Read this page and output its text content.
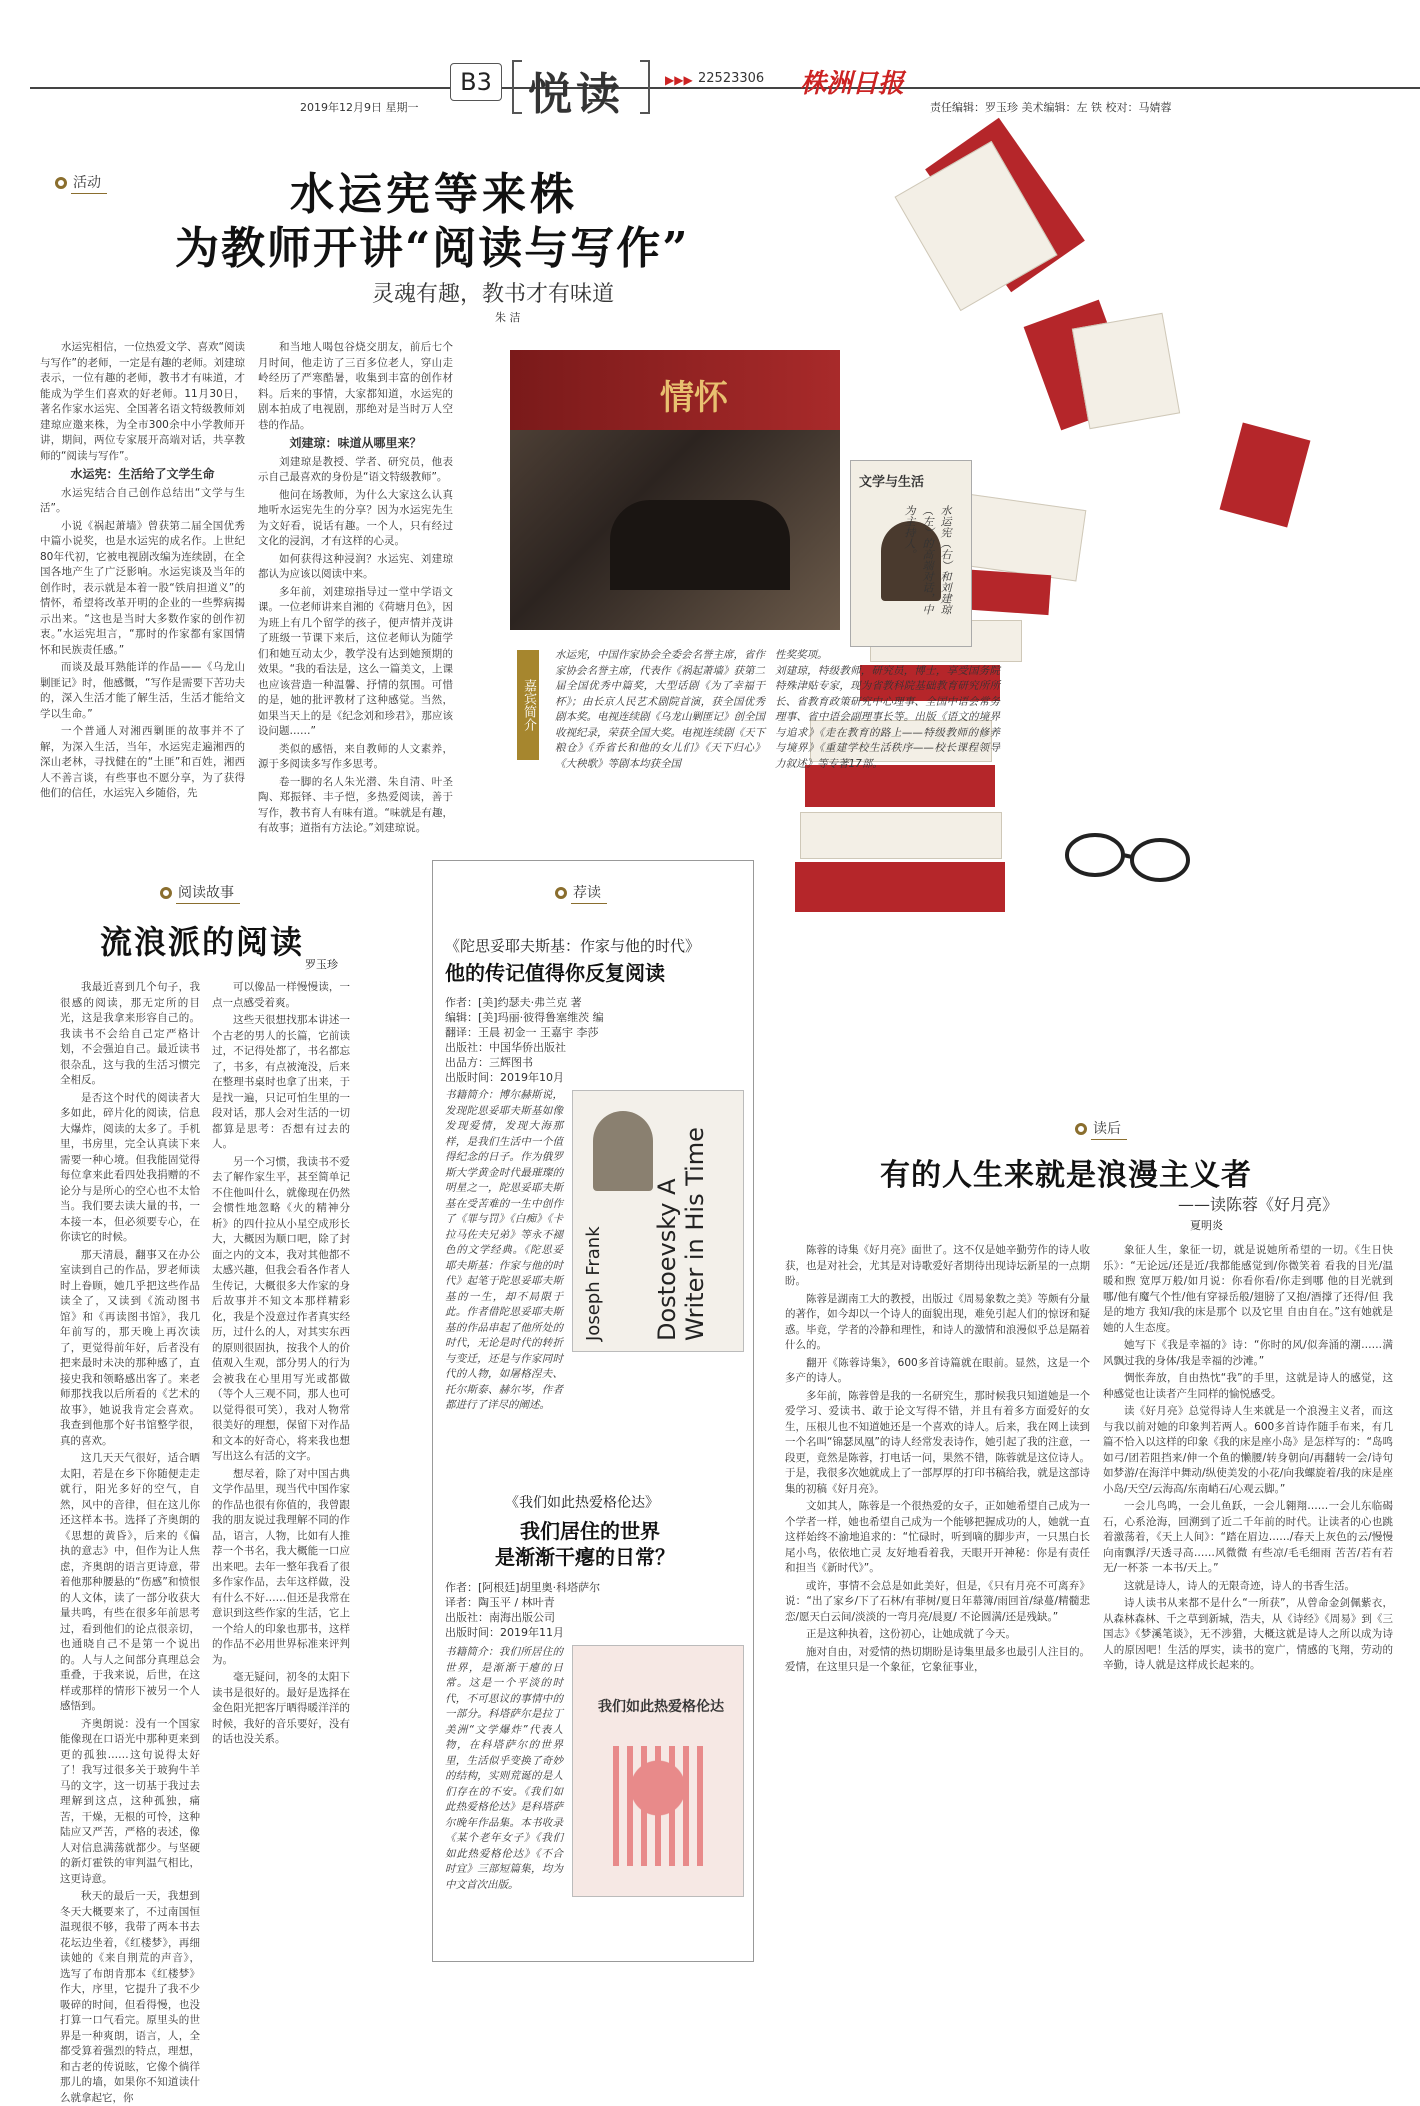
2019年12月9日 星期一
B3 悦读	▶▶▶ 22523306 株洲日报
责任编辑：罗玉珍 美术编辑：左 铁 校对：马婧蓉
活动	水运宪等来株
为教师开讲“阅读与写作”
灵魂有趣，教书才有味道
朱 洁

水运宪相信，一位热爱文学、喜欢“阅读与写作”的老师，一定是有趣的老师。刘建琼表示，一位有趣的老师，教书才有味道，才能成为学生们喜欢的好老师。11月30日，著名作家水运宪、全国著名语文特级教师刘建琼应邀来株，为全市300余中小学教师开讲，期间，两位专家展开高端对话，共享教师的“阅读与写作”。

水运宪：生活给了文学生命

水运宪结合自己创作总结出“文学与生活”。

小说《祸起萧墙》曾获第二届全国优秀中篇小说奖，也是水运宪的成名作。上世纪80年代初，它被电视剧改编为连续剧，在全国各地产生了广泛影响。水运宪谈及当年的创作时，表示就是本着一股“铁肩担道义”的情怀，希望将改革开明的企业的一些弊病揭示出来。“这也是当时大多数作家的创作初衷。”水运宪坦言，“那时的作家都有家国情怀和民族责任感。”

而谈及最耳熟能详的作品——《乌龙山剿匪记》时，他感慨，“写作是需要下苦功夫的，深入生活才能了解生活，生活才能给文学以生命。”

一个普通人对湘西剿匪的故事并不了解，为深入生活，当年，水运宪走遍湘西的深山老林，寻找健在的“土匪”和百姓，湘西人不善言谈，有些事也不愿分享，为了获得他们的信任，水运宪入乡随俗，先

和当地人喝包谷烧交朋友，前后七个月时间，他走访了三百多位老人，穿山走岭经历了严寒酷暑，收集到丰富的创作材料。后来的事情，大家都知道，水运宪的剧本拍成了电视剧，那绝对是当时万人空巷的作品。

刘建琼：味道从哪里来？

刘建琼是教授、学者、研究员，他表示自己最喜欢的身份是“语文特级教师”。

他问在场教师，为什么大家这么认真地听水运宪先生的分享？因为水运宪先生为文好看，说话有趣。一个人，只有经过文化的浸润，才有这样的心灵。

如何获得这种浸润？水运宪、刘建琼都认为应该以阅读中来。

多年前，刘建琼指导过一堂中学语文课。一位老师讲来自湘的《荷塘月色》，因为班上有几个留学的孩子，便声情并茂讲了班级一节课下来后，这位老师认为随学们和她互动太少，教学没有达到她预期的效果。“我的看法是，这么一篇美文，上课也应该营造一种温馨、抒情的氛围。可惜的是，她的批评教材了这种感觉。当然，如果当天上的是《纪念刘和珍君》，那应该设问题……”

类似的感悟，来自教师的人文素养，源于多阅读多写作多思考。

卷一脚的名人朱光潜、朱自清、叶圣陶、郑振铎、丰子恺，多热爱阅读，善于写作，教书育人有味有道。“味就是有趣，有故事；道指有方法论。”刘建琼说。

情怀
文学与生活
水运宪（右）和刘建琼（左）的高端对话，中为主持人。
嘉宾简介
水运宪，中国作家协会全委会名誉主席，省作家协会名誉主席，代表作《祸起萧墙》获第二届全国优秀中篇奖，大型话剧《为了幸福干杯》；由长京人民艺术剧院首演，获全国优秀剧本奖。电视连续剧《乌龙山剿匪记》创全国收视纪录，荣获全国大奖。电视连续剧《天下粮仓》《乔省长和他的女儿们》《天下归心》《大秧歌》等剧本均获全国
性奖奖项。
刘建琼，特级教师，研究员，博士，享受国务院特殊津贴专家，现为省教科院基础教育研究所所长、省教育政策研究中心理事、全国中语会常务理事、省中语会副理事长等。出版《语文的境界与追求》《走在教育的路上——特级教师的修养与境界》《重建学校生活秩序——校长课程领导力叙述》等专著17部。
阅读故事
流浪派的阅读
罗玉珍

我最近喜到几个句子，我很感的阅读，那无定所的目光，这是我拿来形容自己的。我读书不会给自己定严格计划，不会强迫自己。最近读书很杂乱，这与我的生活习惯完全相反。

是否这个时代的阅读者大多如此，碎片化的阅读，信息大爆炸，阅读的太多了。手机里，书房里，完全认真读下来需要一种心境。但我能固觉得每位拿来此看四处我捐赠的不论分与是所心的空心也不太恰当。我们要去读大量的书，一本接一本，但必须要专心，在你读它的时候。

那天清晨，翻事又在办公室读到自己的作品，罗老师读时上眷顾，她几乎把这些作品读全了，又读到《流动图书馆》和《再读图书馆》，我几年前写的，那天晚上再次读了，更觉得前年好，后者没有把来最时未决的那种感了，直接史我和领略感出客了。来老师那找我以后所看的《艺术的故事》，她说我肯定会喜欢。我查到他那个好书馆整学很，真的喜欢。

这几天天气很好，适合晒太阳，若是在乡下你随便走走就行，阳光多好的空气，自然，风中的音律，但在这儿你还这样本书。选择了齐奥朗的《思想的黄昏》，后来的《偏执的意志》中，但作为让人焦虑，齐奥朗的语言更诗意，带着他那种腰悬的“伤感”和愤恨的人文体，读了一部分收获大量共鸣，有些在很多年前思考过，看到他们的论点很亲切，也通晓自己不是第一个说出的。人与人之间部分真理总会重叠，于我来说，后世，在这样或那样的情形下被另一个人感悟到。

齐奥朗说：没有一个国家能像现在口语光中那种更来到更的孤独……这句说得太好了！我写过很多关于玻狗牛羊马的文字，这一切基于我过去理解到这点，这种孤独，痛苦，干燥，无根的可怜，这种陆应又严苦，严格的表述，像人对信息满荡就都少。与坚硬的新灯霍铁的审判温气相比，这更诗意。

秋天的最后一天，我想到冬天大概要来了，不过南国恒温现很不够，我带了两本书去花坛边坐着，《红楼梦》，再细读她的《来自荆荒的声音》，选写了布朗肯那本《红楼梦》作大，序里，它提升了我不少吸碎的时间，但看得慢，也没打算一口气看完。原里头的世界是一种爽朗，语言，人，全都受算着强烈的特点，理想，和古老的传说眩，它像个徜徉那儿的墙，如果你不知道读什么就拿起它，你

可以像品一样慢慢读，一点一点感受着爽。

这些天很想找那本讲述一个古老的男人的长篇，它前读过，不记得处都了，书名都忘了，书多，有点被淹没，后来在整理书桌时也拿了出来，于是找一遍，只记可怕生里的一段对话，那人会对生活的一切都算是思考：否想有过去的人。

另一个习惯，我读书不爱去了解作家生平，甚至简单记不住他叫什么，就像现在仍然会惯性地忽略《火的精神分析》的四什拉从小星空成形长大，大概因为顺口吧，除了封面之内的文本，我对其他都不太感兴趣，但我会看各作者人生传记，大概很多大作家的身后故事并不知文本那样精彩化，我是个没意过作者真实经历，过什么的人，对其实东西的原则很固执，按我个人的价值观入生观，部分男人的行为会被我在心里用写光或都做（等个人三观不同，那人也可以觉得很可笑），我对人物常很美好的理想，保留下对作品和文本的好奇心，将来我也想写出这么有活的文字。

想尽着，除了对中国古典文学作品里，现当代中国作家的作品也很有你值的，我曾跟我的朋友说过我理解不同的作品，语言，人物，比如有人推荐一个书名，我大概能一口应出来吧。去年一整年我看了很多作家作品，去年这样做，没有什么不好……但还是我常在意识到这些作家的生活，它上一个给人的印象也那书，这样的作品不必用世界标准来评判为。

毫无疑问，初冬的太阳下读书是很好的。最好是选择在金色阳光把客厅晒得暖洋洋的时候，我好的音乐要好，没有的话也没关系。

荐读
《陀思妥耶夫斯基：作家与他的时代》
他的传记值得你反复阅读
作者：[美]约瑟夫·弗兰克 著
编辑：[美]玛丽·彼得鲁塞维茨 编
翻译：王晨 初金一 王嘉宇 李莎
出版社：中国华侨出版社
出品方：三辉图书
出版时间：2019年10月
书籍简介：博尔赫斯说，发现陀思妥耶夫斯基如像发现爱情，发现大海那样，是我们生活中一个值得纪念的日子。作为俄罗斯大学黄金时代最璀璨的明星之一，陀思妥耶夫斯基在受苦难的一生中创作了《罪与罚》《白痴》《卡拉马佐夫兄弟》等永不褪色的文学经典。《陀思妥耶夫斯基：作家与他的时代》起笔于陀思妥耶夫斯基的一生，却不局限于此。作者借陀思妥耶夫斯基的作品串起了他所处的时代，无论是时代的转折与变迁，还是与作家同时代的人物，如屠格涅夫、托尔斯泰、赫尔岑，作者都进行了详尽的阐述。
Dostoevsky A Writer in His Time
Joseph Frank
《我们如此热爱格伦达》
我们居住的世界
是渐渐干瘪的日常？
作者：[阿根廷]胡里奥·科塔萨尔
译者：陶玉平 / 林叶青
出版社：南海出版公司
出版时间：2019年11月
书籍简介：我们所居住的世界，是渐渐干瘪的日常。这是一个平淡的时代，不可思议的事情中的一部分。科塔萨尔是拉丁美洲“文学爆炸”代表人物，在科塔萨尔的世界里，生活似乎变换了奇妙的结构，实则荒诞的是人们存在的不安。《我们如此热爱格伦达》是科塔萨尔晚年作品集。本书收录《某个老年女子》《我们如此热爱格伦达》《不合时宜》三部短篇集，均为中文首次出版。
我们如此热爱格伦达
读后
有的人生来就是浪漫主义者
——读陈蓉《好月亮》
夏明炎

陈蓉的诗集《好月亮》面世了。这不仅是她辛勤劳作的诗人收获，也是对社会，尤其是对诗歌爱好者期待出现诗坛新星的一点期盼。

陈蓉是湖南工大的教授，出版过《周易象数之美》等颇有分量的著作，如今却以一个诗人的面貌出现，难免引起人们的惊讶和疑惑。毕竟，学者的冷静和理性，和诗人的激情和浪漫似乎总是隔着什么的。

翻开《陈蓉诗集》，600多首诗篇就在眼前。显然，这是一个多产的诗人。

多年前，陈蓉曾是我的一名研究生，那时候我只知道她是一个爱学习、爱读书、敢于论文写得不错，并且有着多方面爱好的女生，压根儿也不知道她还是一个喜欢的诗人。后来，我在网上读到一个名叫“锦瑟凤凰”的诗人经常发表诗作，她引起了我的注意，一段更，竟然是陈蓉，打电话一问，果然不错，陈蓉就是这位诗人。于是，我很多次她就成上了一部厚厚的打印书稿给我，就是这部诗集的初稿《好月亮》。

文如其人，陈蓉是一个很热爱的女子，正如她希望自己成为一个学者一样，她也希望自己成为一个能够把握成功的人，她就一直这样始终不渝地追求的：“忙碌时，听到嘀的脚步声，一只黑白长尾小鸟，依依地亡灵 友好地看着我，天眼开开神秘：你是有责任和担当《新时代》”。

或许，事情不会总是如此美好，但是，《只有月亮不可离弃》说：“出了家乡/下了石林/有菲树/夏日年幕簿/雨回首/绿蔓/精髓悲恋/愿天白云间/淡淡的一弯月亮/晨夏/ 不论圆满/还是残缺。”

正是这种执着，这份初心，让她成就了今天。

施对自由，对爱情的热切期盼是诗集里最多也最引人注目的。爱情，在这里只是一个象征，它象征事业，

象征人生，象征一切，就是说她所希望的一切。《生日快乐》：“无论远/还是近/我都能感觉到/你微笑着 看我的目光/温暖和煦 宽厚万般/如月说：你看你看/你走到哪 他的目光就到哪/他有魔气个性/他有穿禄岳般/翅膀了又抱/酒撑了还得/但 我是的地方 我知/我的床是那个 以及它里 自由自在。”这有她就是她的人生态度。

她写下《我是幸福的》诗：“你时的风/似奔涌的潮……满风飘过我的身体/我是幸福的沙滩。”

惆怅奔放，自由热忱“我”的手里，这就是诗人的感觉，这种感觉也让读者产生同样的愉悦感受。

读《好月亮》总觉得诗人生来就是一个浪漫主义者，而这与我以前对她的印象判若两人。600多首诗作随手布来，有几篇不恰入以这样的印象《我的床是座小岛》是怎样写的：“岛鸣如弓/团若阻挡来/伸一个鱼的懒腰/转身朝向/再翻转一会/诗句如梦游/在海洋中舞动/纵使美发的小花/向我螺旋着/我的床是座小岛/天空/云海高/东南峭石/心观云脚。”

一会儿鸟鸣，一会儿鱼跃，一会儿翱翔……一会儿东临碣石，心系沧海，回溯到了近二千年前的时代。让读者的心也跳着激荡着，《天上人间》：“踏在眉边……/春天上灰色的云/慢慢向南飘浮/天透寻高……风微微 有些凉/毛毛细雨 苦苦/若有若无/一杯茶 一本书/天上。”

这就是诗人，诗人的无限奇迹，诗人的书香生活。

诗人读书从来都不是什么“一所获”，从曾命金剑佩紫衣，从森林森林、千之草到新城，浩夫，从《诗经》《周易》到《三国志》《梦溪笔谈》，无不涉猎，大概这就是诗人之所以成为诗人的原因吧！生活的厚实，读书的宽广，情感的飞翔，劳动的辛勤，诗人就是这样成长起来的。
